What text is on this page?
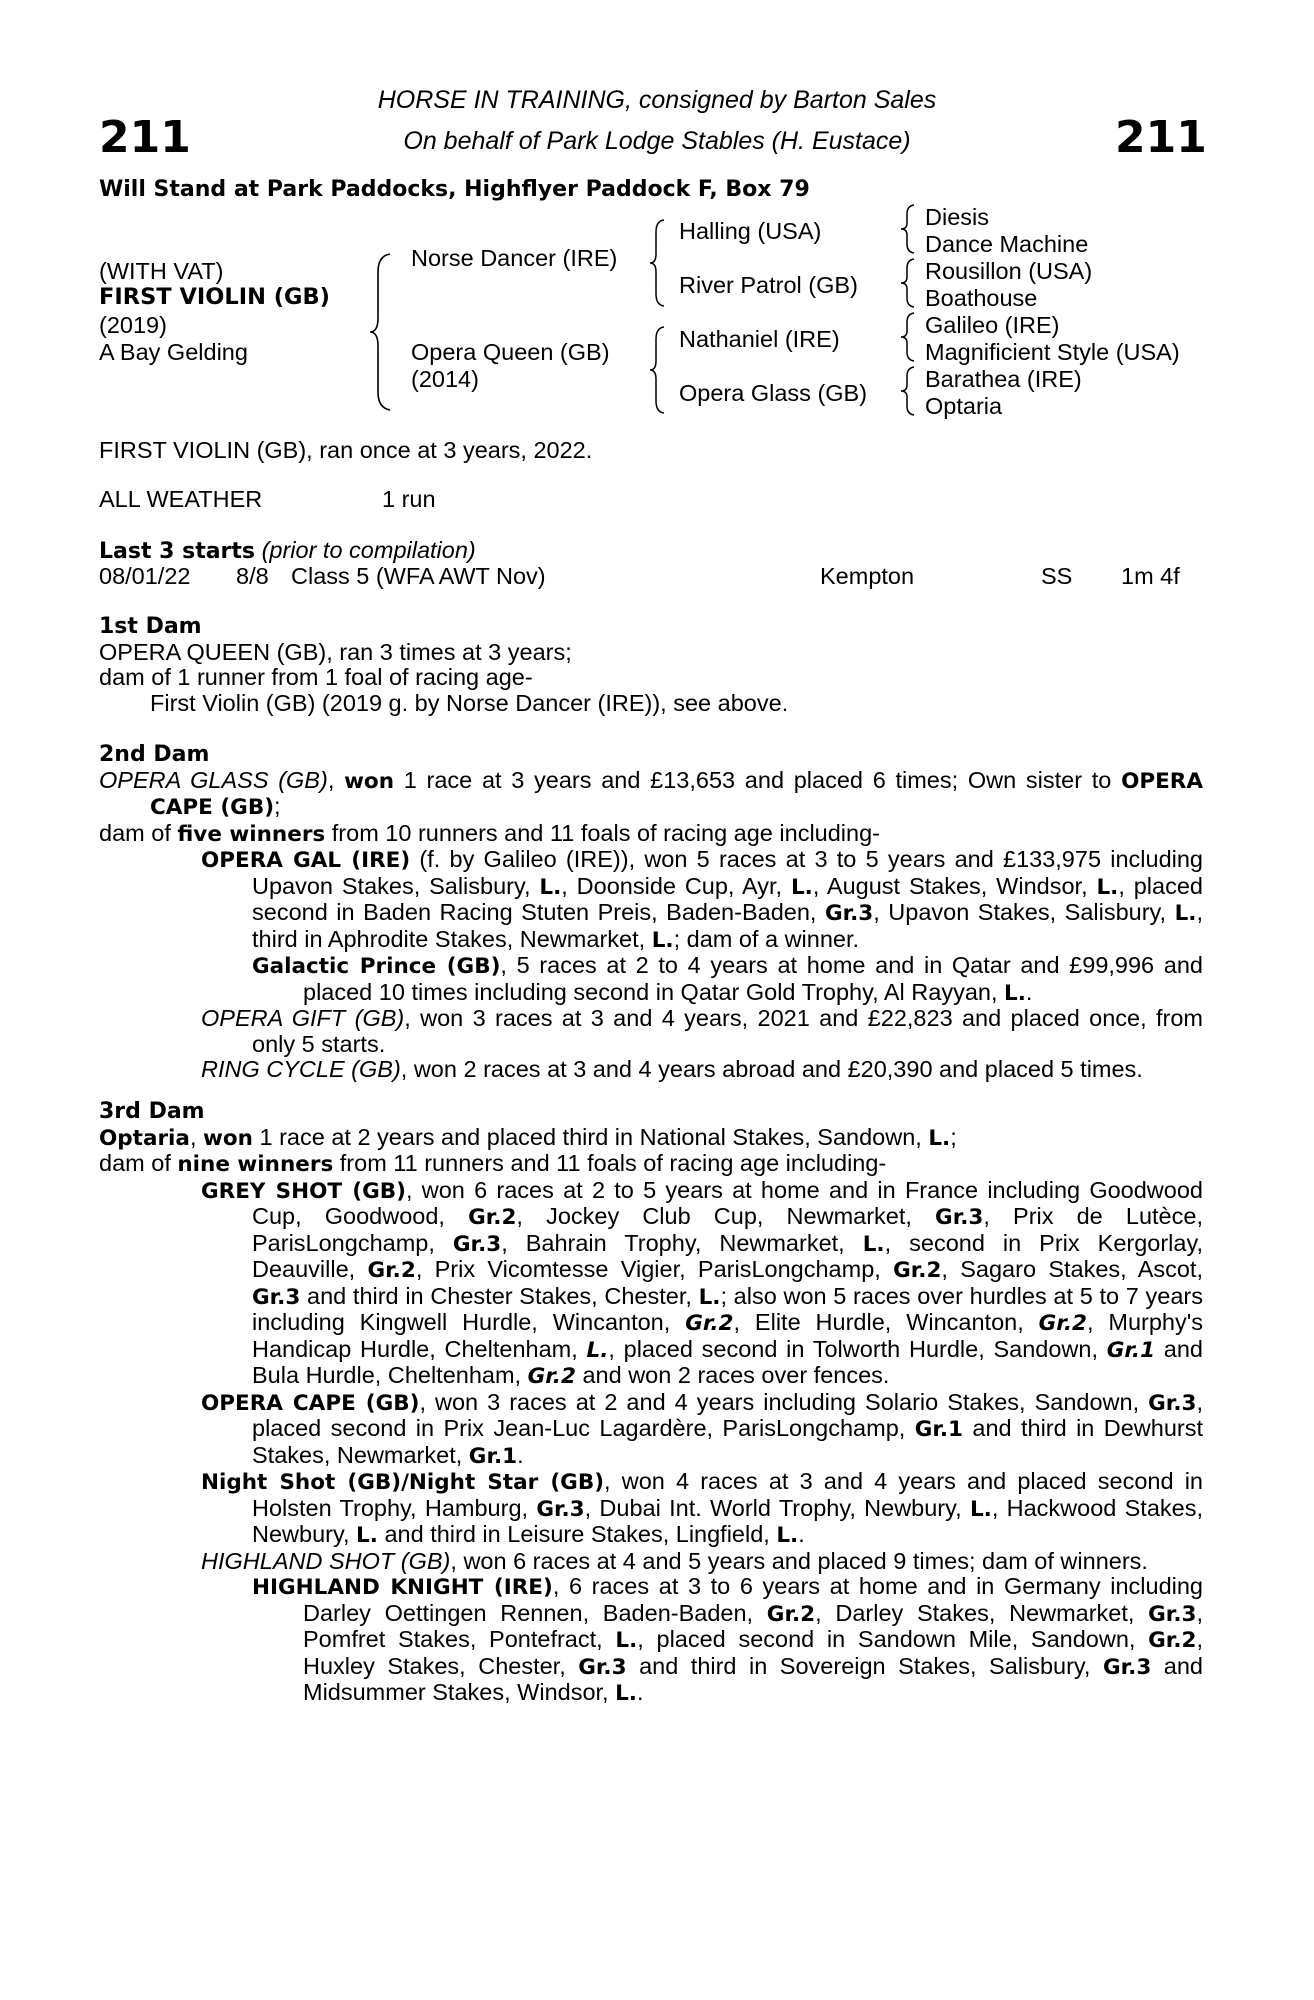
211	211
HORSE IN TRAINING, consigned by Barton Sales
On behalf of Park Lodge Stables (H. Eustace)
Will Stand at Park Paddocks, Highflyer Paddock F, Box 79
(WITH VAT)
FIRST VIOLIN (GB)
(2019)
A Bay Gelding
Norse Dancer (IRE)
Opera Queen (GB)
(2014)
Halling (USA)
River Patrol (GB)
Nathaniel (IRE)
Opera Glass (GB)
Diesis
Dance Machine
Rousillon (USA)
Boathouse
Galileo (IRE)
Magnificient Style (USA)
Barathea (IRE)
Optaria
FIRST VIOLIN (GB), ran once at 3 years, 2022.
ALL WEATHER	1 run
Last 3 starts (prior to compilation)
08/01/22 8/8 Class 5 (WFA AWT Nov)	Kempton	SS 1m 4f

1st Dam

OPERA QUEEN (GB), ran 3 times at 3 years;

dam of 1 runner from 1 foal of racing age-

First Violin (GB) (2019 g. by Norse Dancer (IRE)), see above.

2nd Dam

OPERA GLASS (GB), won 1 race at 3 years and £13,653 and placed 6 times; Own sister to OPERA CAPE (GB);

dam of five winners from 10 runners and 11 foals of racing age including-

OPERA GAL (IRE) (f. by Galileo (IRE)), won 5 races at 3 to 5 years and £133,975 including Upavon Stakes, Salisbury, L., Doonside Cup, Ayr, L., August Stakes, Windsor, L., placed second in Baden Racing Stuten Preis, Baden-Baden, Gr.3, Upavon Stakes, Salisbury, L., third in Aphrodite Stakes, Newmarket, L.; dam of a winner.

Galactic Prince (GB), 5 races at 2 to 4 years at home and in Qatar and £99,996 and placed 10 times including second in Qatar Gold Trophy, Al Rayyan, L..

OPERA GIFT (GB), won 3 races at 3 and 4 years, 2021 and £22,823 and placed once, from only 5 starts.

RING CYCLE (GB), won 2 races at 3 and 4 years abroad and £20,390 and placed 5 times.

3rd Dam

Optaria, won 1 race at 2 years and placed third in National Stakes, Sandown, L.;

dam of nine winners from 11 runners and 11 foals of racing age including-

GREY SHOT (GB), won 6 races at 2 to 5 years at home and in France including Goodwood Cup, Goodwood, Gr.2, Jockey Club Cup, Newmarket, Gr.3, Prix de Lutèce, ParisLongchamp, Gr.3, Bahrain Trophy, Newmarket, L., second in Prix Kergorlay, Deauville, Gr.2, Prix Vicomtesse Vigier, ParisLongchamp, Gr.2, Sagaro Stakes, Ascot, Gr.3 and third in Chester Stakes, Chester, L.; also won 5 races over hurdles at 5 to 7 years including Kingwell Hurdle, Wincanton, Gr.2, Elite Hurdle, Wincanton, Gr.2, Murphy's Handicap Hurdle, Cheltenham, L., placed second in Tolworth Hurdle, Sandown, Gr.1 and Bula Hurdle, Cheltenham, Gr.2 and won 2 races over fences.

OPERA CAPE (GB), won 3 races at 2 and 4 years including Solario Stakes, Sandown, Gr.3, placed second in Prix Jean-Luc Lagardère, ParisLongchamp, Gr.1 and third in Dewhurst Stakes, Newmarket, Gr.1.

Night Shot (GB)/Night Star (GB), won 4 races at 3 and 4 years and placed second in Holsten Trophy, Hamburg, Gr.3, Dubai Int. World Trophy, Newbury, L., Hackwood Stakes, Newbury, L. and third in Leisure Stakes, Lingfield, L..

HIGHLAND SHOT (GB), won 6 races at 4 and 5 years and placed 9 times; dam of winners.

HIGHLAND KNIGHT (IRE), 6 races at 3 to 6 years at home and in Germany including Darley Oettingen Rennen, Baden-Baden, Gr.2, Darley Stakes, Newmarket, Gr.3, Pomfret Stakes, Pontefract, L., placed second in Sandown Mile, Sandown, Gr.2, Huxley Stakes, Chester, Gr.3 and third in Sovereign Stakes, Salisbury, Gr.3 and Midsummer Stakes, Windsor, L..
